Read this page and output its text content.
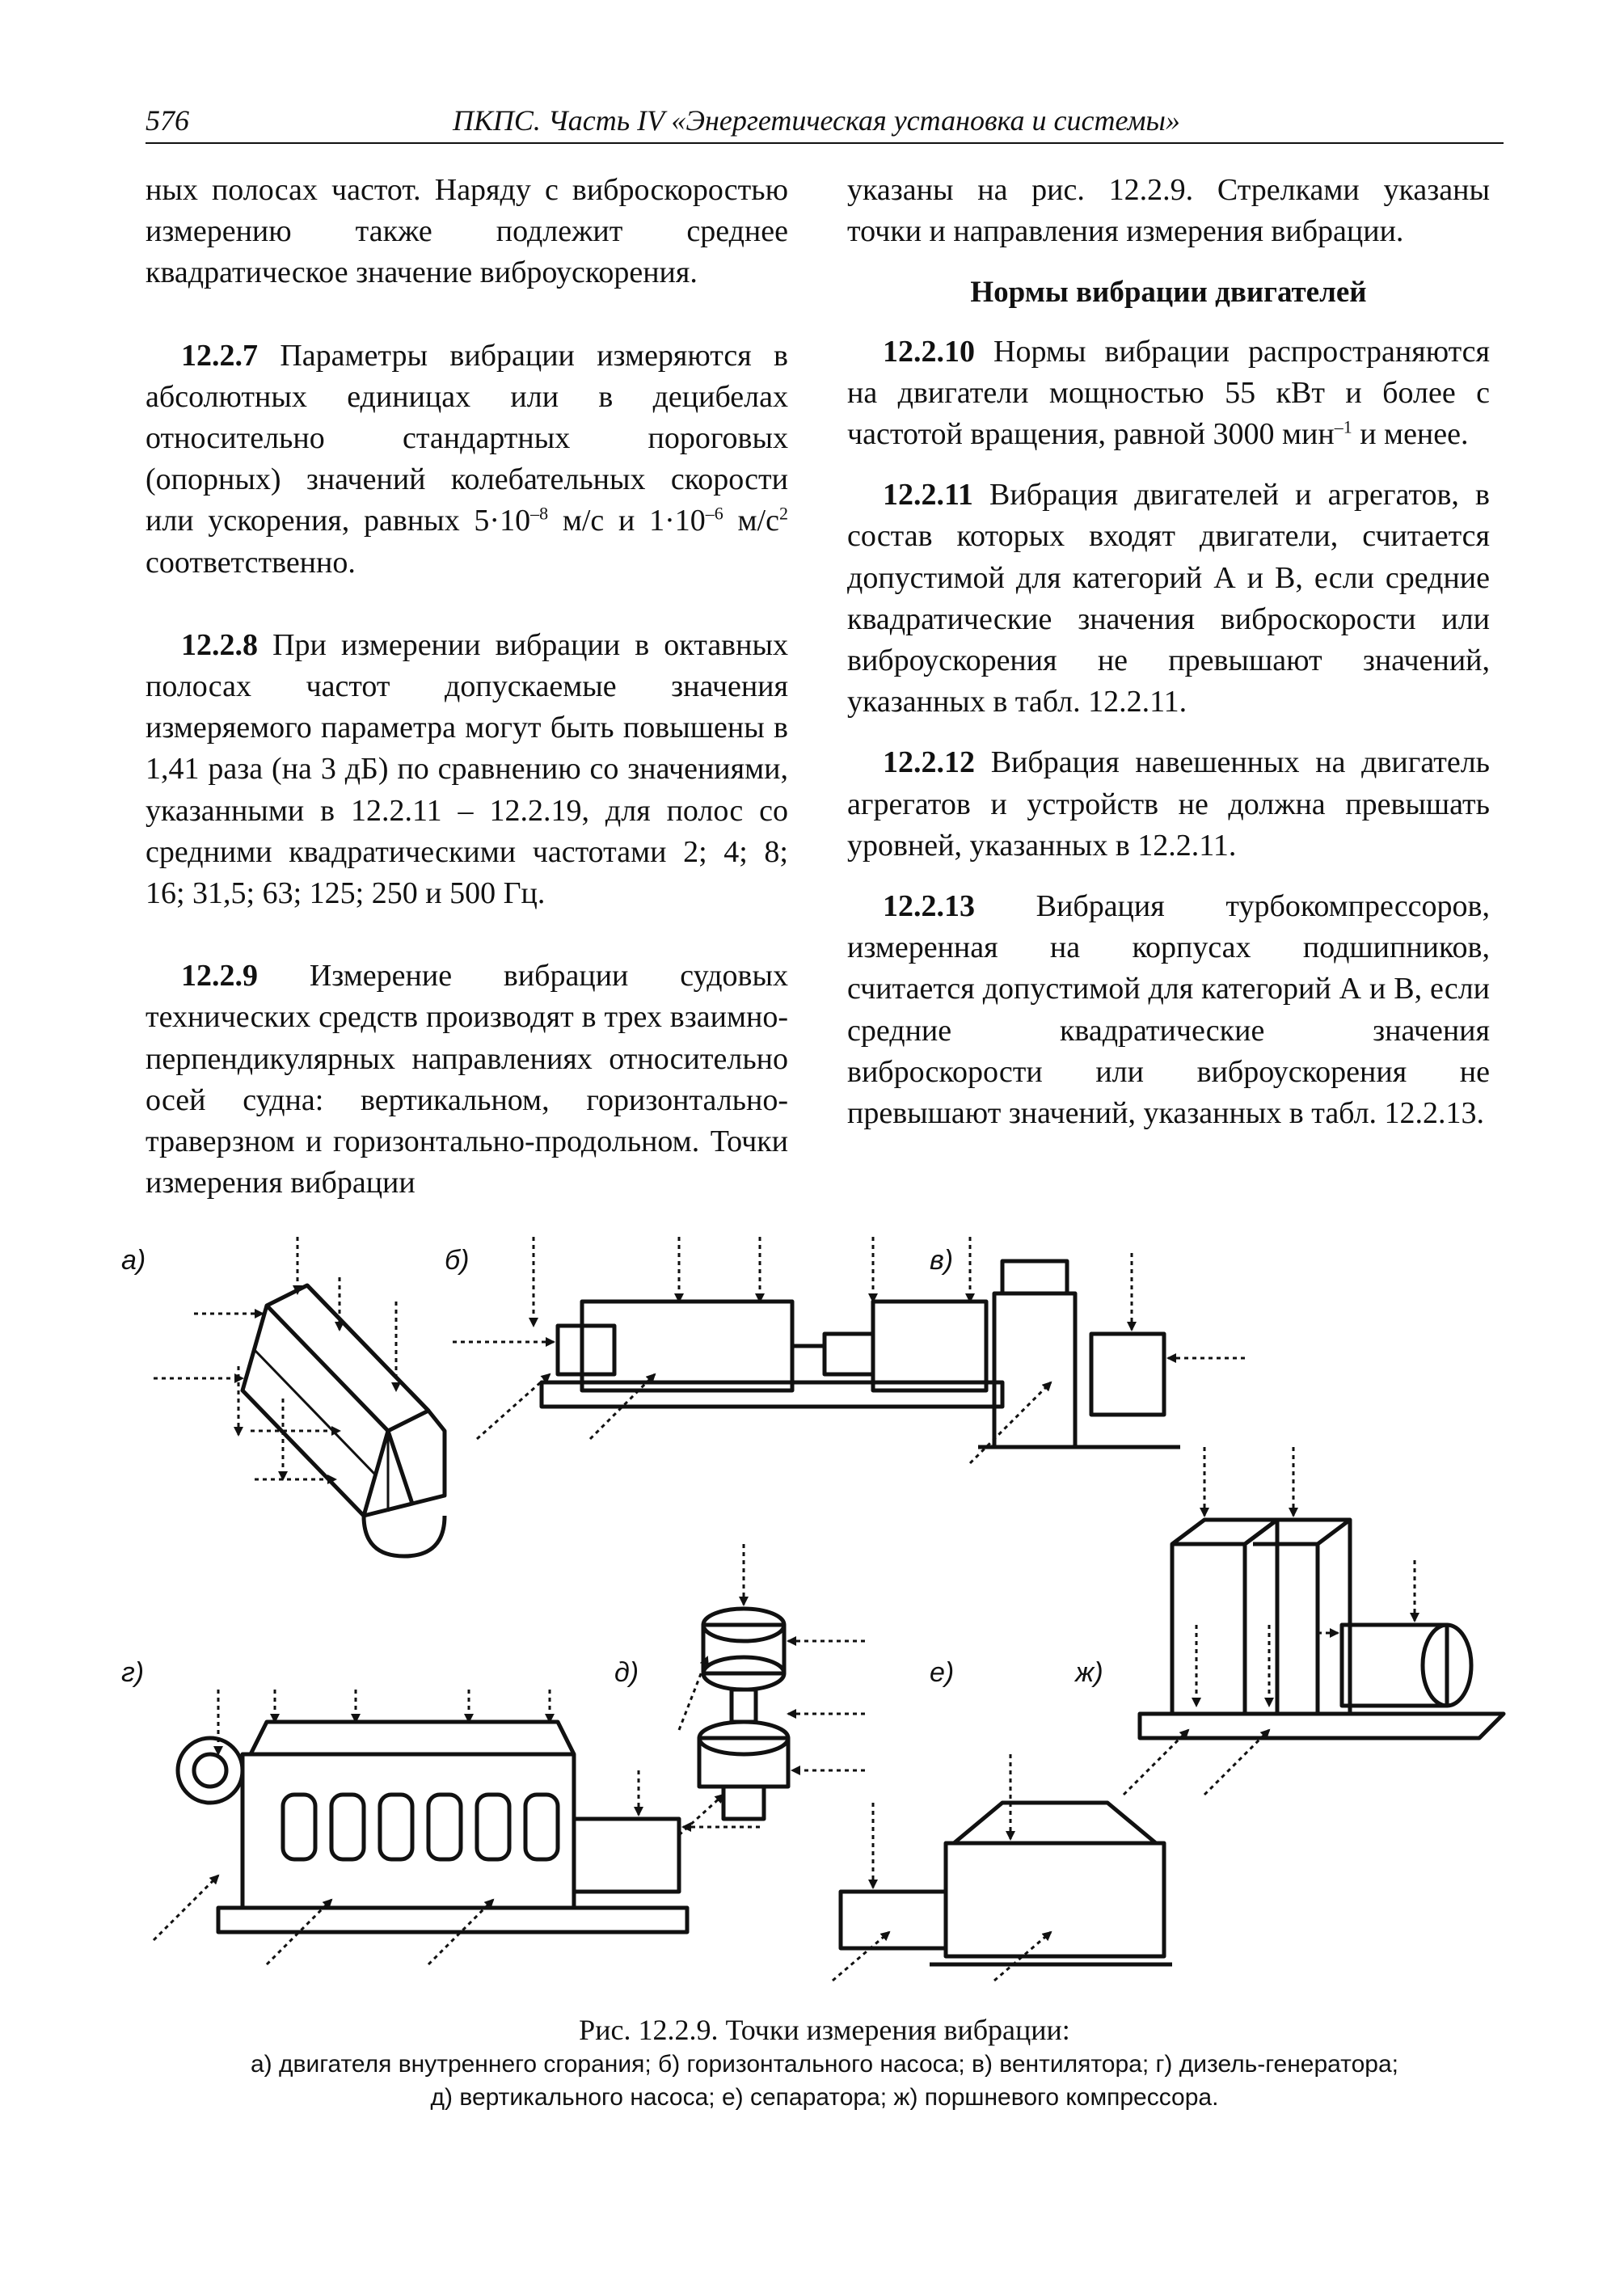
576	ПКПС. Часть IV «Энергетическая установка и системы»

ных полосах частот. Наряду с виброскоростью измерению также подлежит среднее квадратическое значение виброускорения.

12.2.7 Параметры вибрации измеряются в абсолютных единицах или в децибелах относительно стандартных пороговых (опорных) значений колебательных скорости или ускорения, равных $5\cdot 10^{-8}$ м/с и $1\cdot 10^{-6}$ $м/с^2$ соответственно.

12.2.8 При измерении вибрации в октавных полосах частот допускаемые значения измеряемого параметра могут быть повышены в 1,41 раза (на 3 дБ) по сравнению со значениями, указанными в 12.2.11 – 12.2.19, для полос со средними квадратическими частотами 2; 4; 8; 16; 31,5; 63; 125; 250 и 500 Гц.

12.2.9 Измерение вибрации судовых технических средств производят в трех взаимно-перпендикулярных направлениях относительно осей судна: вертикальном, горизонтально-траверзном и горизонтально-продольном. Точки измерения вибрации

указаны на рис. 12.2.9. Стрелками указаны точки и направления измерения вибрации.

Нормы вибрации двигателей

12.2.10 Нормы вибрации распространяются на двигатели мощностью 55 кВт и более с частотой вращения, равной 3000 мин$^{-1}$ и менее.

12.2.11 Вибрация двигателей и агрегатов, в состав которых входят двигатели, считается допустимой для категорий А и В, если средние квадратические значения виброскорости или виброускорения не превышают значений, указанных в табл. 12.2.11.

12.2.12 Вибрация навешенных на двигатель агрегатов и устройств не должна превышать уровней, указанных в 12.2.11.

12.2.13 Вибрация турбокомпрессоров, измеренная на корпусах подшипников, считается допустимой для категорий А и В, если средние квадратические значения виброскорости или виброускорения не превышают значений, указанных в табл. 12.2.13.

а)	б)	в)
г)	д)	е)	ж)
Рис. 12.2.9. Точки измерения вибрации:
а) двигателя внутреннего сгорания; б) горизонтального насоса; в) вентилятора; г) дизель-генератора;
д) вертикального насоса; е) сепаратора; ж) поршневого компрессора.
